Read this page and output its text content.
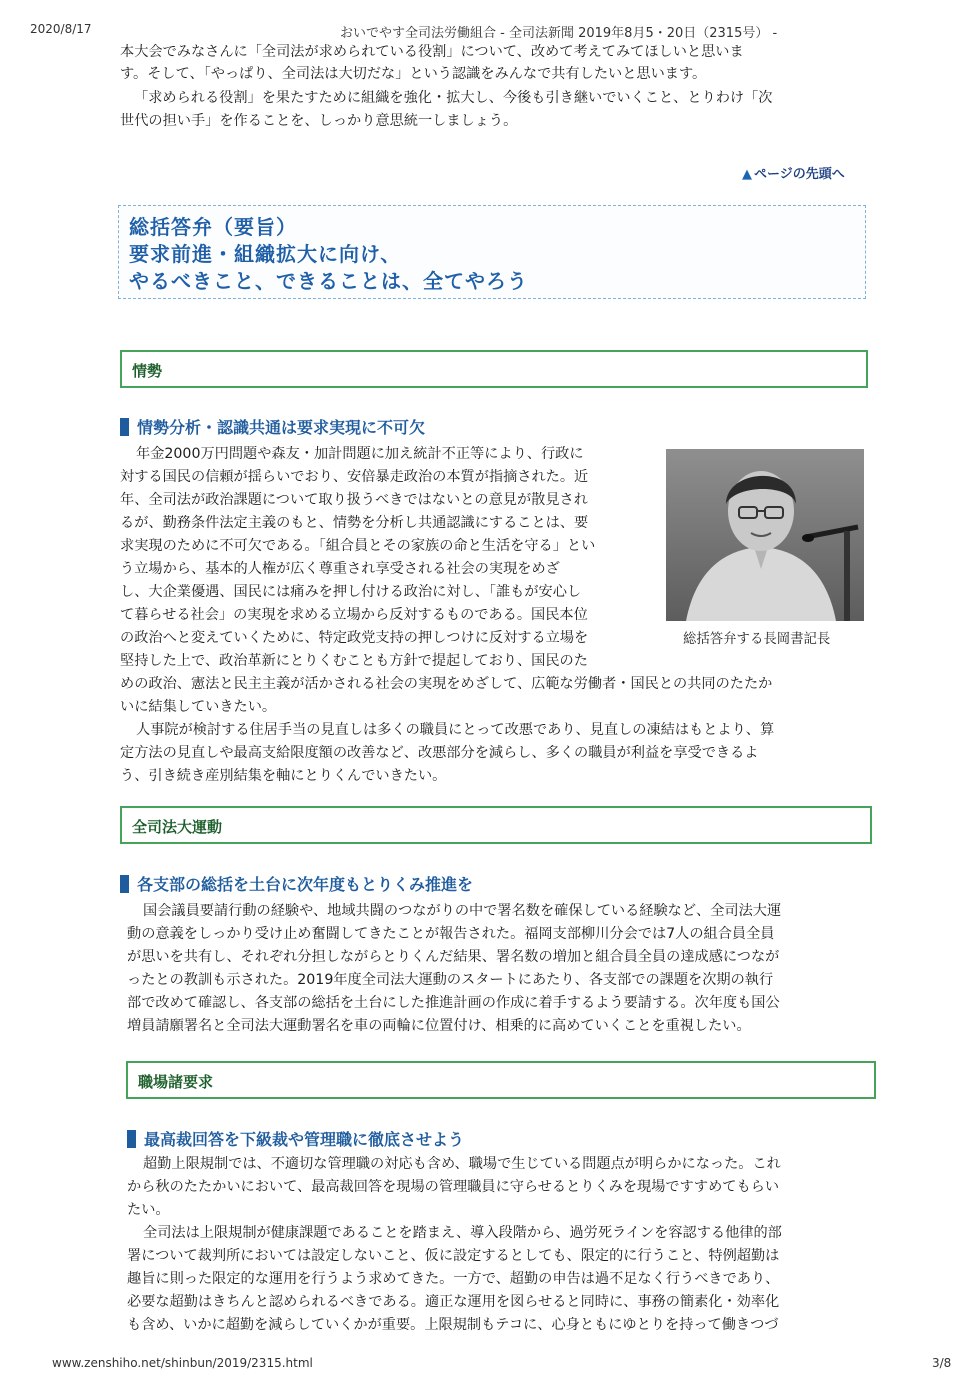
2020/8/17	おいでやす全司法労働組合 - 全司法新聞 2019年8月5・20日（2315号） -

本大会でみなさんに「全司法が求められている役割」について、改めて考えてみてほしいと思いま

す。そして、「やっぱり、全司法は大切だな」という認識をみんなで共有したいと思います。

「求められる役割」を果たすために組織を強化・拡大し、今後も引き継いでいくこと、とりわけ「次

世代の担い手」を作ることを、しっかり意思統一しましょう。

▲ ページの先頭へ
総括答弁（要旨）
要求前進・組織拡大に向け、
やるべきこと、できることは、全てやろう
情勢
情勢分析・認識共通は要求実現に不可欠

年金2000万円問題や森友・加計問題に加え統計不正等により、行政に

対する国民の信頼が揺らいでおり、安倍暴走政治の本質が指摘された。近

年、全司法が政治課題について取り扱うべきではないとの意見が散見され

るが、勤務条件法定主義のもと、情勢を分析し共通認識にすることは、要

求実現のために不可欠である。「組合員とその家族の命と生活を守る」とい

う立場から、基本的人権が広く尊重され享受される社会の実現をめざ

し、大企業優遇、国民には痛みを押し付ける政治に対し、「誰もが安心し

て暮らせる社会」の実現を求める立場から反対するものである。国民本位

の政治へと変えていくために、特定政党支持の押しつけに反対する立場を

堅持した上で、政治革新にとりくむことも方針で提起しており、国民のた

めの政治、憲法と民主主義が活かされる社会の実現をめざして、広範な労働者・国民との共同のたたか

いに結集していきたい。

人事院が検討する住居手当の見直しは多くの職員にとって改悪であり、見直しの凍結はもとより、算

定方法の見直しや最高支給限度額の改善など、改悪部分を減らし、多くの職員が利益を享受できるよ

う、引き続き産別結集を軸にとりくんでいきたい。

総括答弁する長岡書記長
全司法大運動
各支部の総括を土台に次年度もとりくみ推進を

国会議員要請行動の経験や、地域共闘のつながりの中で署名数を確保している経験など、全司法大運

動の意義をしっかり受け止め奮闘してきたことが報告された。福岡支部柳川分会では7人の組合員全員

が思いを共有し、それぞれ分担しながらとりくんだ結果、署名数の増加と組合員全員の達成感につなが

ったとの教訓も示された。2019年度全司法大運動のスタートにあたり、各支部での課題を次期の執行

部で改めて確認し、各支部の総括を土台にした推進計画の作成に着手するよう要請する。次年度も国公

増員請願署名と全司法大運動署名を車の両輪に位置付け、相乗的に高めていくことを重視したい。

職場諸要求
最高裁回答を下級裁や管理職に徹底させよう

超勤上限規制では、不適切な管理職の対応も含め、職場で生じている問題点が明らかになった。これ

から秋のたたかいにおいて、最高裁回答を現場の管理職員に守らせるとりくみを現場ですすめてもらい

たい。

全司法は上限規制が健康課題であることを踏まえ、導入段階から、過労死ラインを容認する他律的部

署について裁判所においては設定しないこと、仮に設定するとしても、限定的に行うこと、特例超勤は

趣旨に則った限定的な運用を行うよう求めてきた。一方で、超勤の申告は過不足なく行うべきであり、

必要な超勤はきちんと認められるべきである。適正な運用を図らせると同時に、事務の簡素化・効率化

も含め、いかに超勤を減らしていくかが重要。上限規制もテコに、心身ともにゆとりを持って働きつづ

www.zenshiho.net/shinbun/2019/2315.html	3/8
